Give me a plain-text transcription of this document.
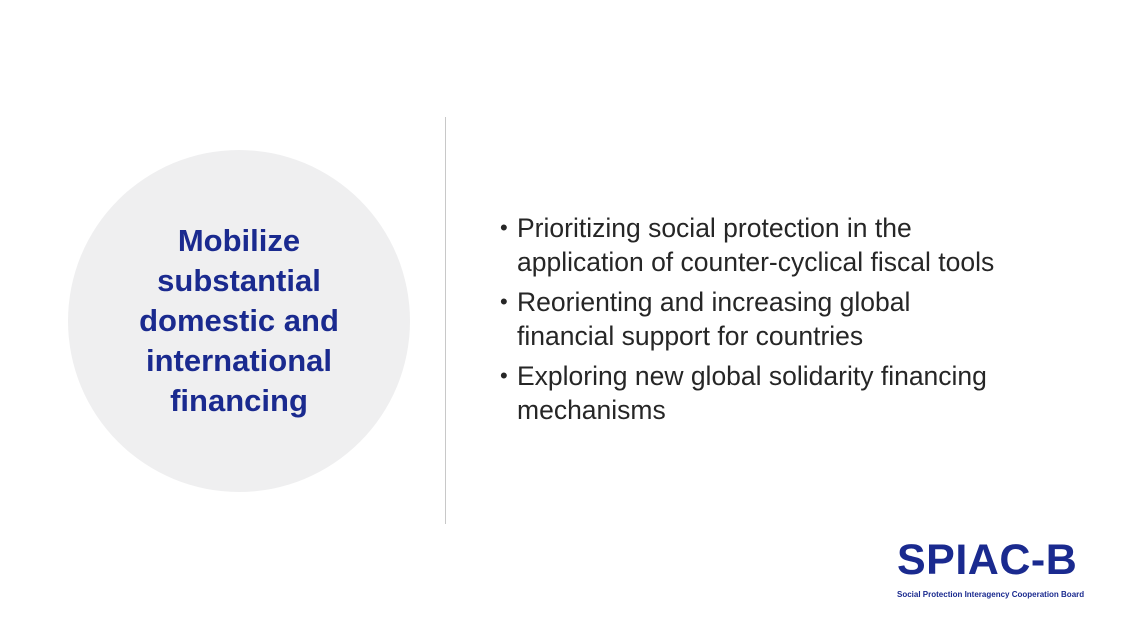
Mobilize
substantial
domestic and
international
financing
• Prioritizing social protection in the
application of counter-cyclical fiscal tools
• Reorienting and increasing global
financial support for countries
• Exploring new global solidarity financing
mechanisms
SPIAC-B
Social Protection Interagency Cooperation Board
